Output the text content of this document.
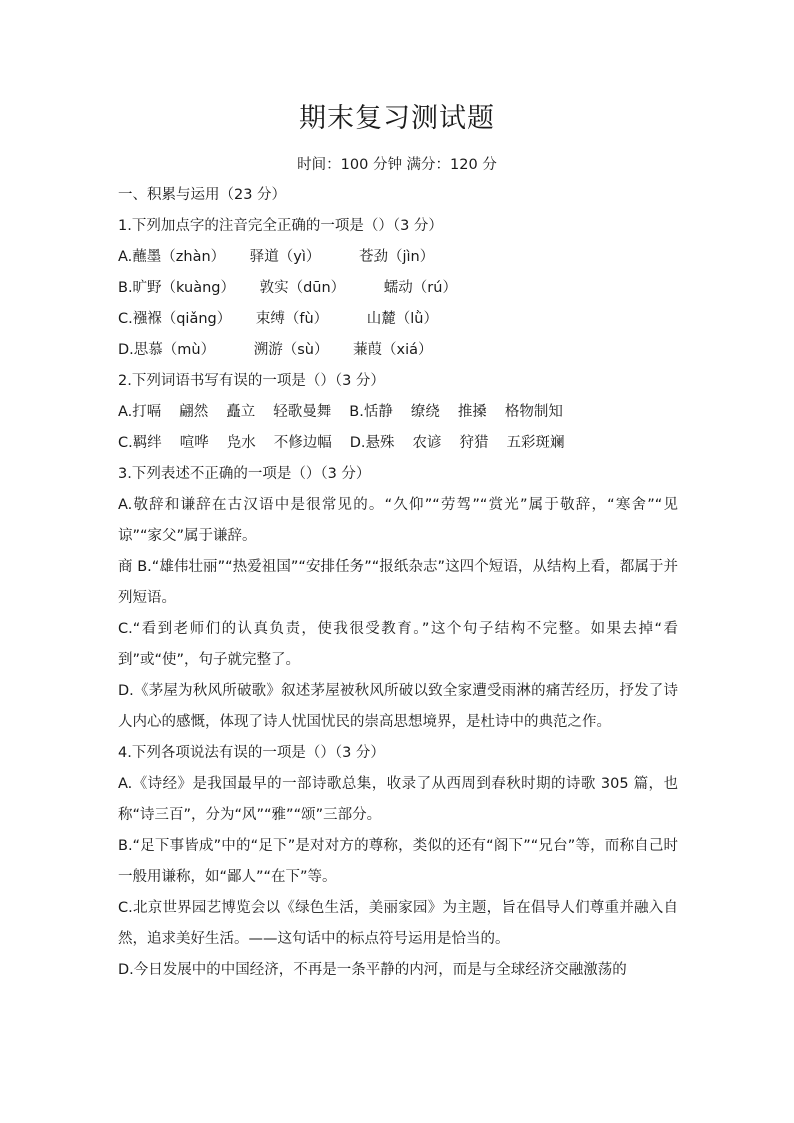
期末复习测试题
时间：100 分钟 满分：120 分
一、积累与运用（23 分）
1.下列加点字的注音完全正确的一项是（）（3 分）
A.蘸墨（zhàn） 驿道（yì）	苍劲（jìn）
B.旷野（kuàng） 敦实（dūn）	蠕动（rú）
C.襁褓（qiǎng） 束缚（fù）	山麓（lǜ）
D.思慕（mù）	溯游（sù） 蒹葭（xiá）
2.下列词语书写有误的一项是（）（3 分）
A.打嗝 翩然 矗立 轻歌曼舞 B.恬静 缭绕 推搡 格物制知
C.羁绊 喧哗 凫水 不修边幅 D.悬殊 农谚 狩猎 五彩斑斓
3.下列表述不正确的一项是（）（3 分）
A.敬辞和谦辞在古汉语中是很常见的。“久仰”“劳驾”“赏光”属于敬辞，“寒舍”“见谅”“家父”属于谦辞。
商 B.“雄伟壮丽”“热爱祖国”“安排任务”“报纸杂志”这四个短语，从结构上看，都属于并列短语。
C.“看到老师们的认真负责，使我很受教育。”这个句子结构不完整。如果去掉“看到”或“使”，句子就完整了。
D.《茅屋为秋风所破歌》叙述茅屋被秋风所破以致全家遭受雨淋的痛苦经历，抒发了诗人内心的感慨，体现了诗人忧国忧民的崇高思想境界，是杜诗中的典范之作。
4.下列各项说法有误的一项是（）（3 分）
A.《诗经》是我国最早的一部诗歌总集，收录了从西周到春秋时期的诗歌 305 篇，也称“诗三百”，分为“风”“雅”“颂”三部分。
B.“足下事皆成”中的“足下”是对对方的尊称，类似的还有“阁下”“兄台”等，而称自己时一般用谦称，如“鄙人”“在下”等。
C.北京世界园艺博览会以《绿色生活，美丽家园》为主题，旨在倡导人们尊重并融入自然，追求美好生活。——这句话中的标点符号运用是恰当的。
D.今日发展中的中国经济，不再是一条平静的内河，而是与全球经济交融激荡的
